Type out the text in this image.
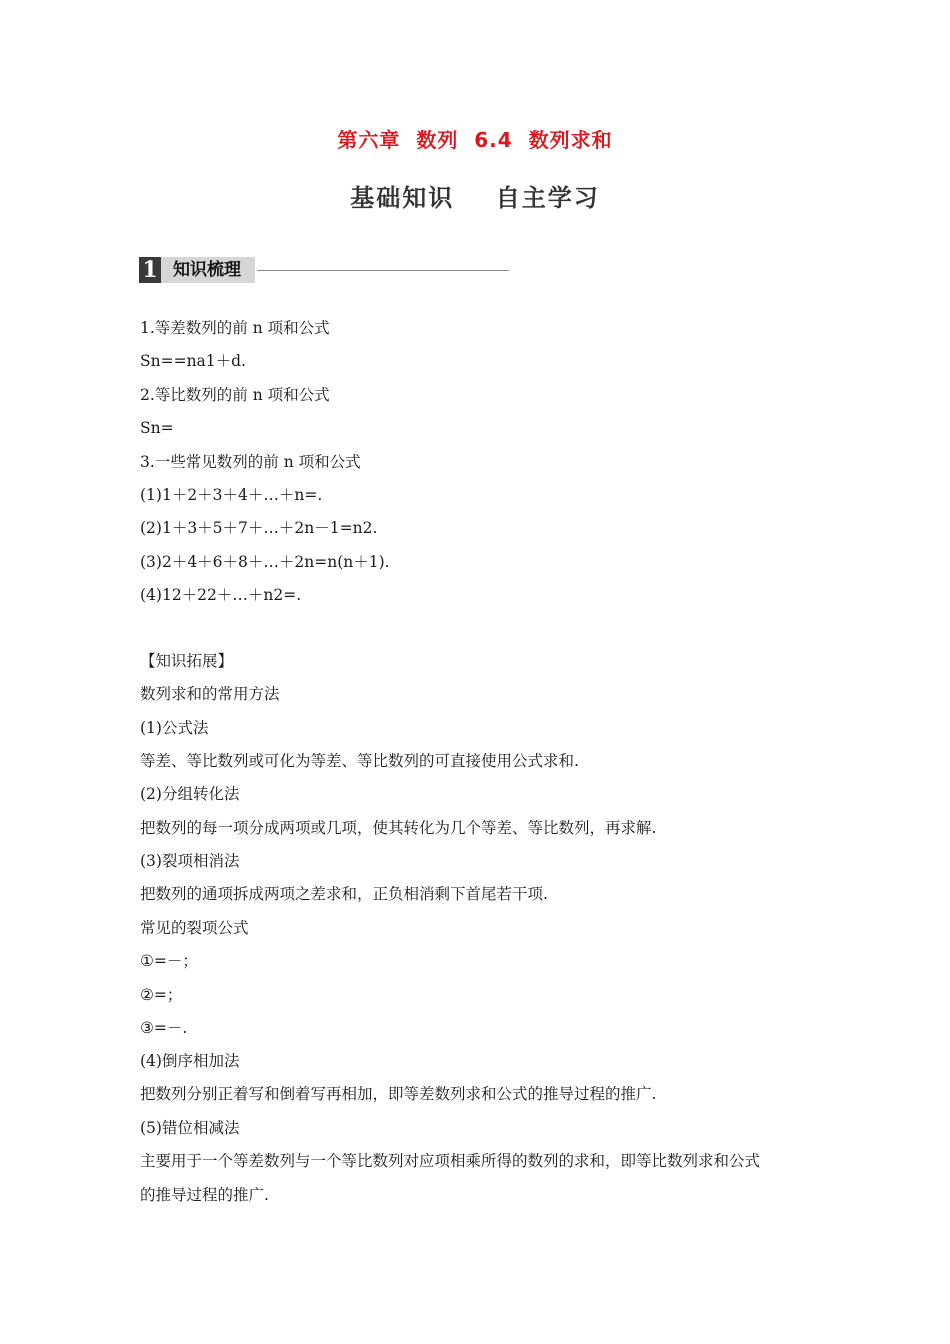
第六章  数列  6.4  数列求和
基础知识    自主学习
1 知识梳理
1.等差数列的前 n 项和公式
Sn==na1＋d.
2.等比数列的前 n 项和公式
Sn=
3.一些常见数列的前 n 项和公式
(1)1＋2＋3＋4＋…＋n=.
(2)1＋3＋5＋7＋…＋2n－1=n2.
(3)2＋4＋6＋8＋…＋2n=n(n＋1).
(4)12＋22＋…＋n2=.
【知识拓展】
数列求和的常用方法
(1)公式法
等差、等比数列或可化为等差、等比数列的可直接使用公式求和.
(2)分组转化法
把数列的每一项分成两项或几项，使其转化为几个等差、等比数列，再求解.
(3)裂项相消法
把数列的通项拆成两项之差求和，正负相消剩下首尾若干项.
常见的裂项公式
①=－；
②=；
③=－.
(4)倒序相加法
把数列分别正着写和倒着写再相加，即等差数列求和公式的推导过程的推广.
(5)错位相减法
主要用于一个等差数列与一个等比数列对应项相乘所得的数列的求和，即等比数列求和公式
的推导过程的推广.
